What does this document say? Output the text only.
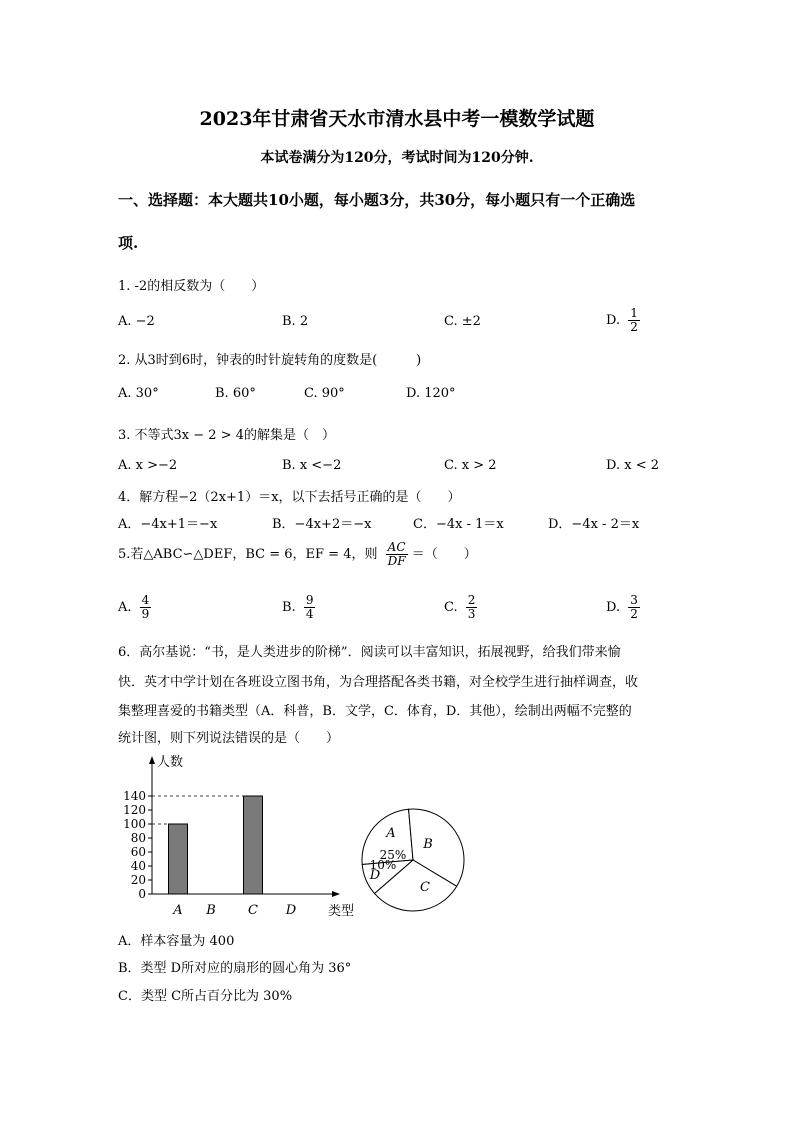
2023年甘肃省天水市清水县中考一模数学试题
本试卷满分为120分，考试时间为120分钟.
一、选择题：本大题共10小题，每小题3分，共30分，每小题只有一个正确选
项.
1. -2的相反数为（　　）
A. −2	B. 2	C. ±2	D. $\frac{1}{2}$
2. 从3时到6时，钟表的时针旋转角的度数是(　　　)
A. 30°	B. 60°	C. 90°	D. 120°
3. 不等式3x − 2 > 4的解集是（　）
A. x >−2	B. x <−2	C. x > 2	D. x < 2
4．解方程−2（2x+1）＝x，以下去括号正确的是（　　）
A．−4x+1＝−x	B．−4x+2＝−x	C．−4x - 1＝x	D．−4x - 2＝x
5.若△ABC∽△DEF，BC = 6，EF = 4，则 $\frac{AC}{DF}$ ＝（　　）
A. $\frac{4}{9}$	B. $\frac{9}{4}$	C. $\frac{2}{3}$	D. $\frac{3}{2}$
6．高尔基说：“书，是人类进步的阶梯”．阅读可以丰富知识，拓展视野，给我们带来愉
快．英才中学计划在各班设立图书角，为合理搭配各类书籍，对全校学生进行抽样调查，收
集整理喜爱的书籍类型（A．科普，B．文学，C．体育，D．其他），绘制出两幅不完整的
统计图，则下列说法错误的是（　　）
0
20
40
60
80
100
120
140
A B C D
人数
类型
A
B
C
D
25%
10%
A．样本容量为 400
B．类型 D所对应的扇形的圆心角为 36°
C．类型 C所占百分比为 30%
